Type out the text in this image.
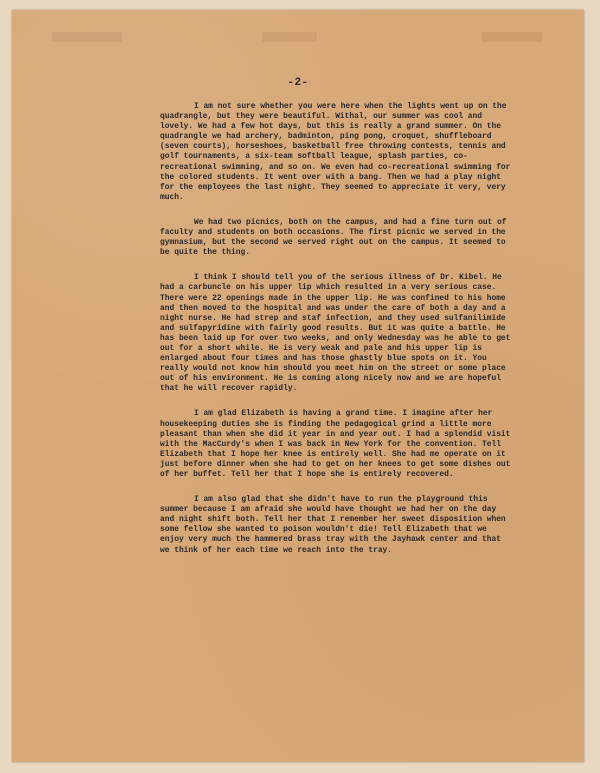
-2-

I am not sure whether you were here when the lights went up on the quadrangle, but they were beautiful. Withal, our summer was cool and lovely. We had a few hot days, but this is really a grand summer. On the quadrangle we had archery, badminton, ping pong, croquet, shuffleboard (seven courts), horseshoes, basketball free throwing contests, tennis and golf tournaments, a six-team softball league, splash parties, co-recreational swimming, and so on. We even had co-recreational swimming for the colored students. It went over with a bang. Then we had a play night for the employees the last night. They seemed to appreciate it very, very much.

We had two picnics, both on the campus, and had a fine turn out of faculty and students on both occasions. The first picnic we served in the gymnasium, but the second we served right out on the campus. It seemed to be quite the thing.

I think I should tell you of the serious illness of Dr. Kibel. He had a carbuncle on his upper lip which resulted in a very serious case. There were 22 openings made in the upper lip. He was confined to his home and then moved to the hospital and was under the care of both a day and a night nurse. He had strep and staf infection, and they used sulfanilimide and sulfapyridine with fairly good results. But it was quite a battle. He has been laid up for over two weeks, and only Wednesday was he able to get out for a short while. He is very weak and pale and his upper lip is enlarged about four times and has those ghastly blue spots on it. You really would not know him should you meet him on the street or some place out of his environment. He is coming along nicely now and we are hopeful that he will recover rapidly.

I am glad Elizabeth is having a grand time. I imagine after her housekeeping duties she is finding the pedagogical grind a little more pleasant than when she did it year in and year out. I had a splendid visit with the MacCurdy's when I was back in New York for the convention. Tell Elizabeth that I hope her knee is entirely well. She had me operate on it just before dinner when she had to get on her knees to get some dishes out of her buffet. Tell her that I hope she is entirely recovered.

I am also glad that she didn't have to run the playground this summer because I am afraid she would have thought we had her on the day and night shift both. Tell her that I remember her sweet disposition when some fellow she wanted to poison wouldn't die! Tell Elizabeth that we enjoy very much the hammered brass tray with the Jayhawk center and that we think of her each time we reach into the tray.
